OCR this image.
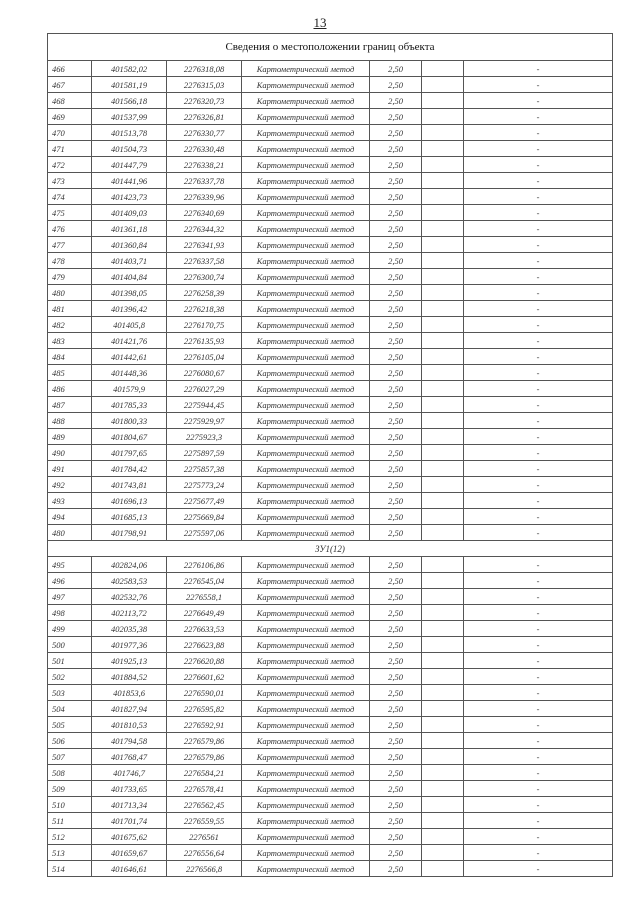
13
Сведения о местоположении границ объекта						
466	401582,02	2276318,08	Картометрический метод	2,50		-
467	401581,19	2276315,03	Картометрический метод	2,50		-
468	401566,18	2276320,73	Картометрический метод	2,50		-
469	401537,99	2276326,81	Картометрический метод	2,50		-
470	401513,78	2276330,77	Картометрический метод	2,50		-
471	401504,73	2276330,48	Картометрический метод	2,50		-
472	401447,79	2276338,21	Картометрический метод	2,50		-
473	401441,96	2276337,78	Картометрический метод	2,50		-
474	401423,73	2276339,96	Картометрический метод	2,50		-
475	401409,03	2276340,69	Картометрический метод	2,50		-
476	401361,18	2276344,32	Картометрический метод	2,50		-
477	401360,84	2276341,93	Картометрический метод	2,50		-
478	401403,71	2276337,58	Картометрический метод	2,50		-
479	401404,84	2276300,74	Картометрический метод	2,50		-
480	401398,05	2276258,39	Картометрический метод	2,50		-
481	401396,42	2276218,38	Картометрический метод	2,50		-
482	401405,8	2276170,75	Картометрический метод	2,50		-
483	401421,76	2276135,93	Картометрический метод	2,50		-
484	401442,61	2276105,04	Картометрический метод	2,50		-
485	401448,36	2276080,67	Картометрический метод	2,50		-
486	401579,9	2276027,29	Картометрический метод	2,50		-
487	401785,33	2275944,45	Картометрический метод	2,50		-
488	401800,33	2275929,97	Картометрический метод	2,50		-
489	401804,67	2275923,3	Картометрический метод	2,50		-
490	401797,65	2275897,59	Картометрический метод	2,50		-
491	401784,42	2275857,38	Картометрический метод	2,50		-
492	401743,81	2275773,24	Картометрический метод	2,50		-
493	401696,13	2275677,49	Картометрический метод	2,50		-
494	401685,13	2275669,84	Картометрический метод	2,50		-
480	401798,91	2275597,06	Картометрический метод	2,50		-
ЗУ1(12)						
495	402824,06	2276106,86	Картометрический метод	2,50		-
496	402583,53	2276545,04	Картометрический метод	2,50		-
497	402532,76	2276558,1	Картометрический метод	2,50		-
498	402113,72	2276649,49	Картометрический метод	2,50		-
499	402035,38	2276633,53	Картометрический метод	2,50		-
500	401977,36	2276623,88	Картометрический метод	2,50		-
501	401925,13	2276620,88	Картометрический метод	2,50		-
502	401884,52	2276601,62	Картометрический метод	2,50		-
503	401853,6	2276590,01	Картометрический метод	2,50		-
504	401827,94	2276595,82	Картометрический метод	2,50		-
505	401810,53	2276592,91	Картометрический метод	2,50		-
506	401794,58	2276579,86	Картометрический метод	2,50		-
507	401768,47	2276579,86	Картометрический метод	2,50		-
508	401746,7	2276584,21	Картометрический метод	2,50		-
509	401733,65	2276578,41	Картометрический метод	2,50		-
510	401713,34	2276562,45	Картометрический метод	2,50		-
511	401701,74	2276559,55	Картометрический метод	2,50		-
512	401675,62	2276561	Картометрический метод	2,50		-
513	401659,67	2276556,64	Картометрический метод	2,50		-
514	401646,61	2276566,8	Картометрический метод	2,50		-
